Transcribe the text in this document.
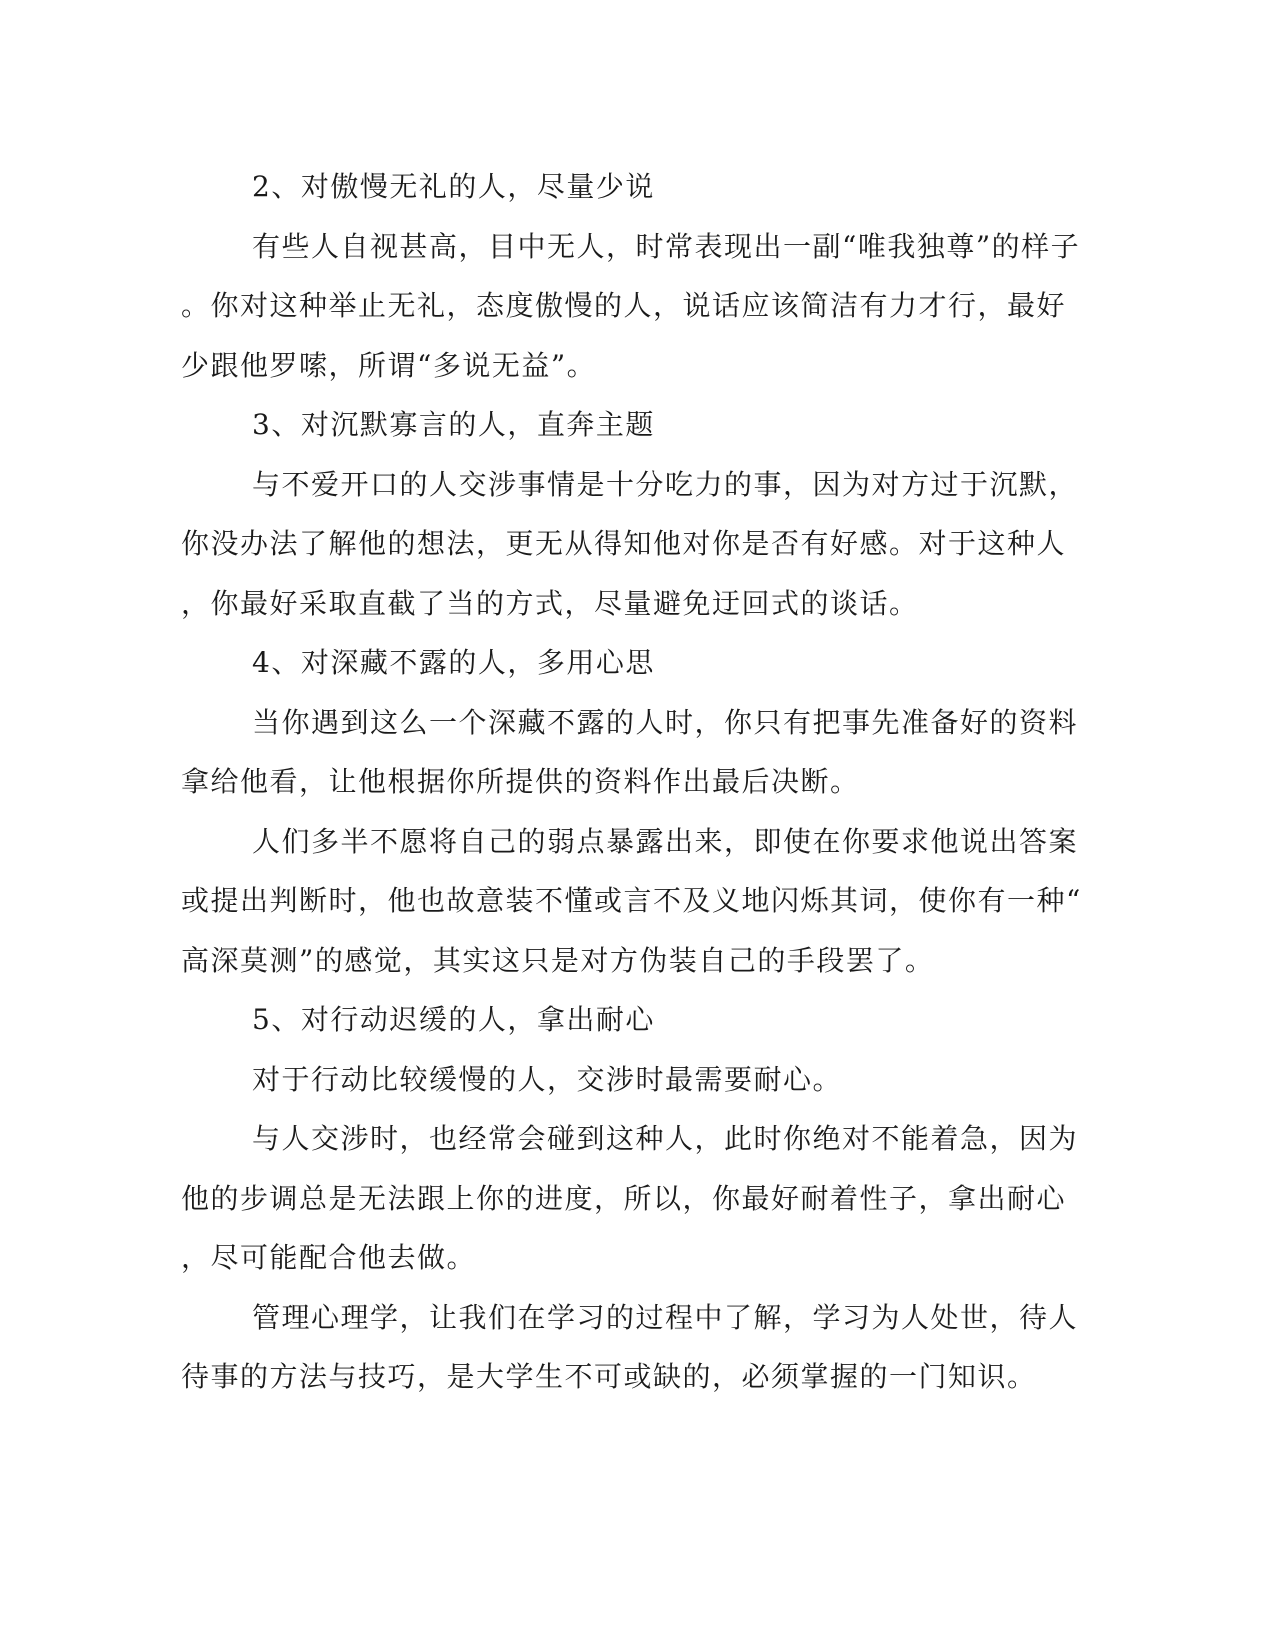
2、对傲慢无礼的人，尽量少说
有些人自视甚高，目中无人，时常表现出一副“唯我独尊”的样子
。你对这种举止无礼，态度傲慢的人，说话应该简洁有力才行，最好
少跟他罗嗦，所谓“多说无益”。
3、对沉默寡言的人，直奔主题
与不爱开口的人交涉事情是十分吃力的事，因为对方过于沉默，
你没办法了解他的想法，更无从得知他对你是否有好感。对于这种人
，你最好采取直截了当的方式，尽量避免迂回式的谈话。
4、对深藏不露的人，多用心思
当你遇到这么一个深藏不露的人时，你只有把事先准备好的资料
拿给他看，让他根据你所提供的资料作出最后决断。
人们多半不愿将自己的弱点暴露出来，即使在你要求他说出答案
或提出判断时，他也故意装不懂或言不及义地闪烁其词，使你有一种“
高深莫测”的感觉，其实这只是对方伪装自己的手段罢了。
5、对行动迟缓的人，拿出耐心
对于行动比较缓慢的人，交涉时最需要耐心。
与人交涉时，也经常会碰到这种人，此时你绝对不能着急，因为
他的步调总是无法跟上你的进度，所以，你最好耐着性子，拿出耐心
，尽可能配合他去做。
管理心理学，让我们在学习的过程中了解，学习为人处世，待人
待事的方法与技巧，是大学生不可或缺的，必须掌握的一门知识。
